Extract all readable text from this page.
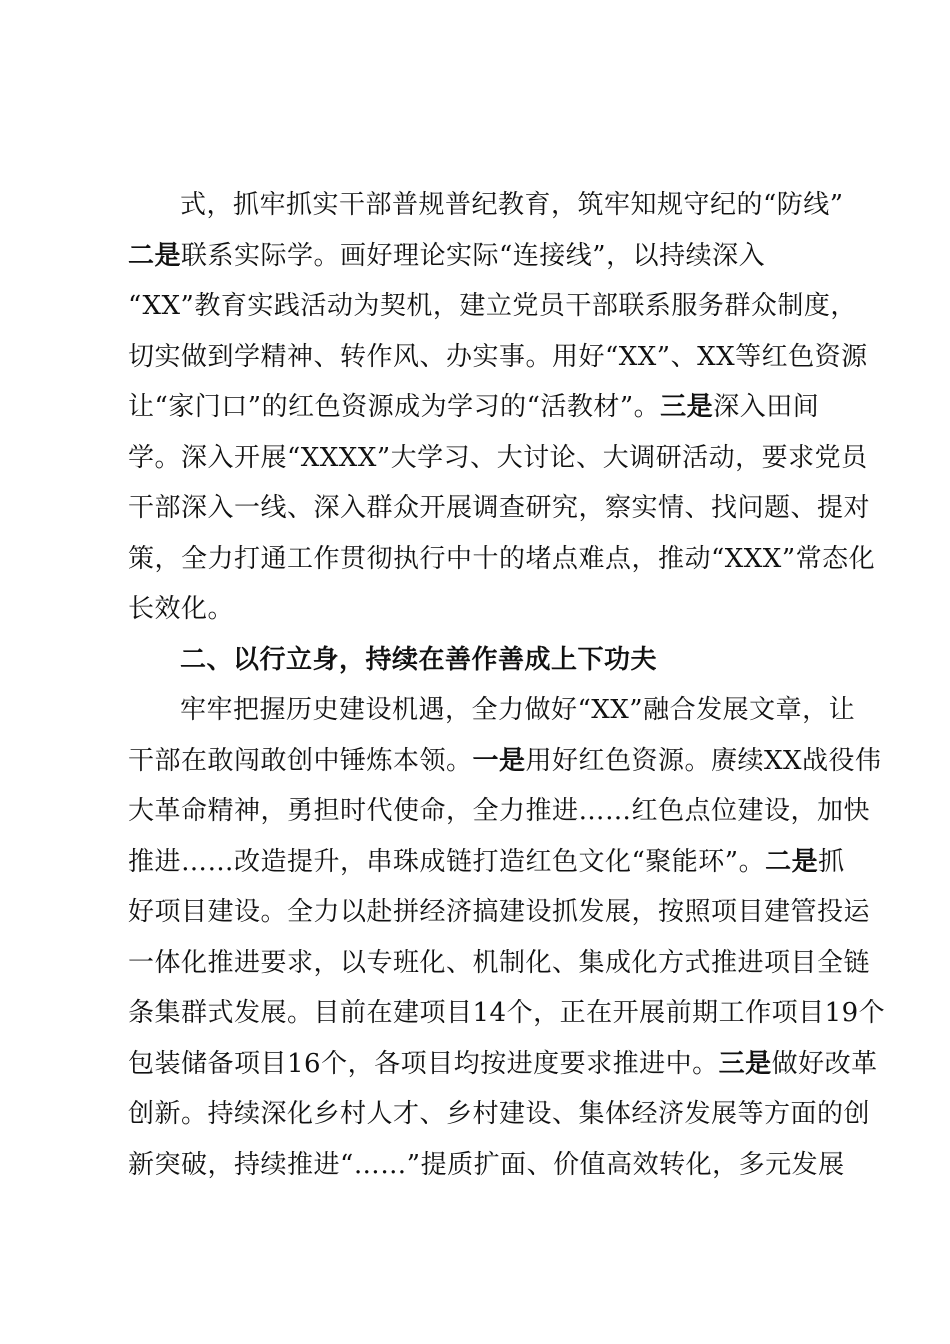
式，抓牢抓实干部普规普纪教育，筑牢知规守纪的“防线”
二是联系实际学。画好理论实际“连接线”，以持续深入
“XX”教育实践活动为契机，建立党员干部联系服务群众制度，
切实做到学精神、转作风、办实事。用好“XX”、XX等红色资源
让“家门口”的红色资源成为学习的“活教材”。三是深入田间
学。深入开展“XXXX”大学习、大讨论、大调研活动，要求党员
干部深入一线、深入群众开展调查研究，察实情、找问题、提对
策，全力打通工作贯彻执行中十的堵点难点，推动“XXX”常态化
长效化。
二、以行立身，持续在善作善成上下功夫
牢牢把握历史建设机遇，全力做好“XX”融合发展文章，让
干部在敢闯敢创中锤炼本领。一是用好红色资源。赓续XX战役伟
大革命精神，勇担时代使命，全力推进……红色点位建设，加快
推进……改造提升，串珠成链打造红色文化“聚能环”。二是抓
好项目建设。全力以赴拼经济搞建设抓发展，按照项目建管投运
一体化推进要求，以专班化、机制化、集成化方式推进项目全链
条集群式发展。目前在建项目14个，正在开展前期工作项目19个
包装储备项目16个，各项目均按进度要求推进中。三是做好改革
创新。持续深化乡村人才、乡村建设、集体经济发展等方面的创
新突破，持续推进“……”提质扩面、价值高效转化，多元发展
